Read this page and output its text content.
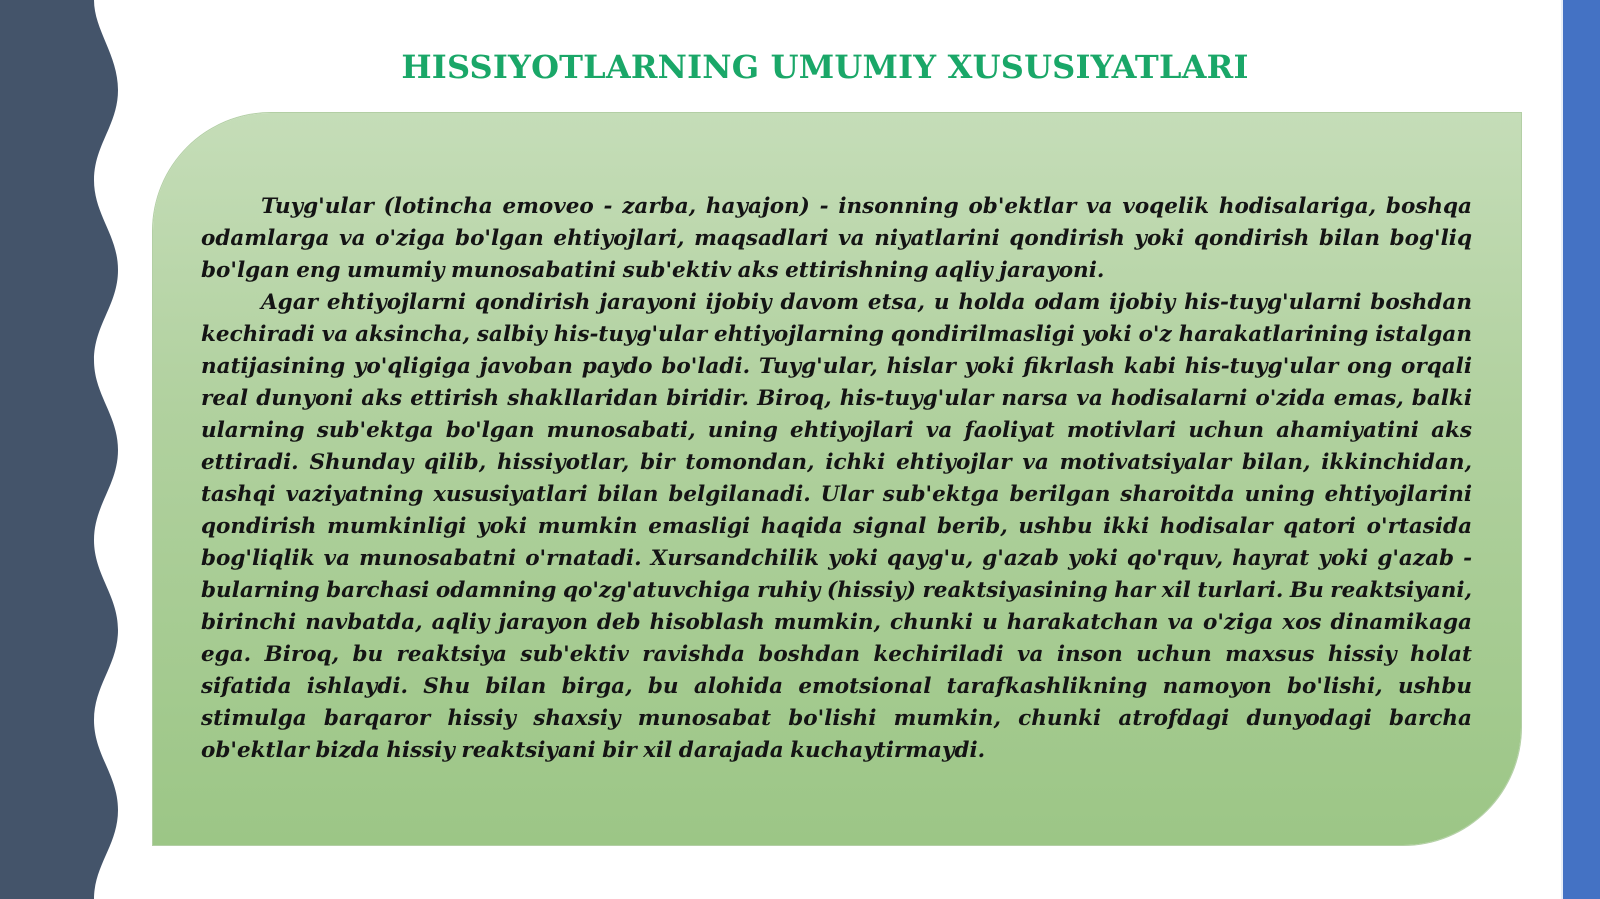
HISSIYOTLARNING UMUMIY XUSUSIYATLARI

Tuyg'ular (lotincha emoveo - zarba, hayajon) - insonning ob'ektlar va voqelik hodisalariga, boshqa odamlarga va o'ziga bo'lgan ehtiyojlari, maqsadlari va niyatlarini qondirish yoki qondirish bilan bog'liq bo'lgan eng umumiy munosabatini sub'ektiv aks ettirishning aqliy jarayoni.

Agar ehtiyojlarni qondirish jarayoni ijobiy davom etsa, u holda odam ijobiy his-tuyg'ularni boshdan kechiradi va aksincha, salbiy his-tuyg'ular ehtiyojlarning qondirilmasligi yoki o'z harakatlarining istalgan natijasining yo'qligiga javoban paydo bo'ladi. Tuyg'ular, hislar yoki fikrlash kabi his-tuyg'ular ong orqali real dunyoni aks ettirish shakllaridan biridir. Biroq, his-tuyg'ular narsa va hodisalarni o'zida emas, balki ularning sub'ektga bo'lgan munosabati, uning ehtiyojlari va faoliyat motivlari uchun ahamiyatini aks ettiradi. Shunday qilib, hissiyotlar, bir tomondan, ichki ehtiyojlar va motivatsiyalar bilan, ikkinchidan, tashqi vaziyatning xususiyatlari bilan belgilanadi. Ular sub'ektga berilgan sharoitda uning ehtiyojlarini qondirish mumkinligi yoki mumkin emasligi haqida signal berib, ushbu ikki hodisalar qatori o'rtasida bog'liqlik va munosabatni o'rnatadi. Xursandchilik yoki qayg'u, g'azab yoki qo'rquv, hayrat yoki g'azab - bularning barchasi odamning qo'zg'atuvchiga ruhiy (hissiy) reaktsiyasining har xil turlari. Bu reaktsiyani, birinchi navbatda, aqliy jarayon deb hisoblash mumkin, chunki u harakatchan va o'ziga xos dinamikaga ega. Biroq, bu reaktsiya sub'ektiv ravishda boshdan kechiriladi va inson uchun maxsus hissiy holat sifatida ishlaydi. Shu bilan birga, bu alohida emotsional tarafkashlikning namoyon bo'lishi, ushbu stimulga barqaror hissiy shaxsiy munosabat bo'lishi mumkin, chunki atrofdagi dunyodagi barcha ob'ektlar bizda hissiy reaktsiyani bir xil darajada kuchaytirmaydi.
